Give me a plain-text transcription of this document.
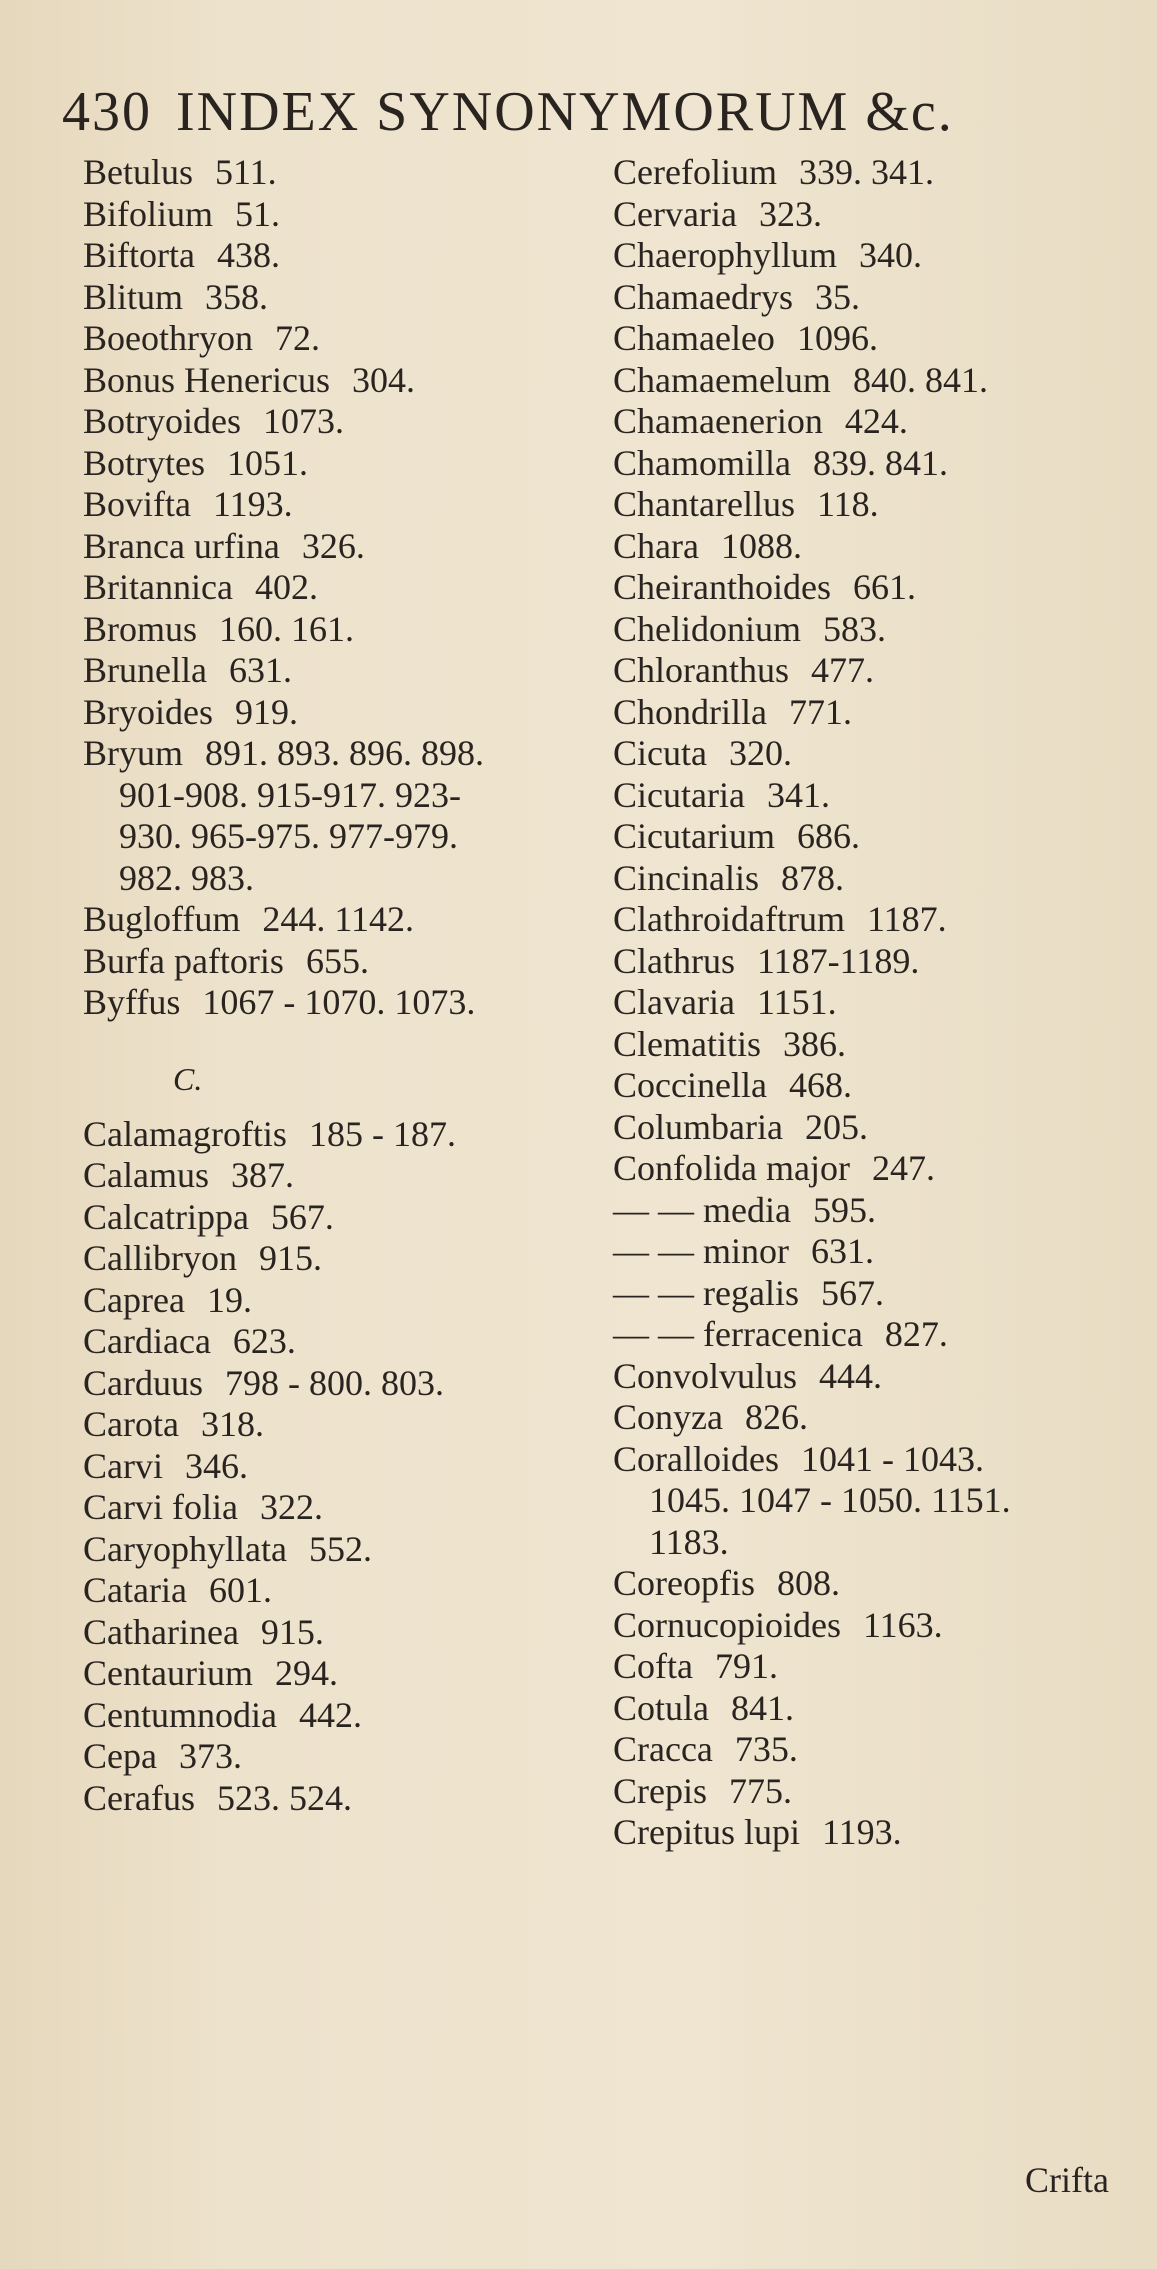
430 INDEX SYNONYMORUM &c.
Betulus 511.
Bifolium 51.
Biftorta 438.
Blitum 358.
Boeothryon 72.
Bonus Henericus 304.
Botryoides 1073.
Botrytes 1051.
Bovifta 1193.
Branca urfina 326.
Britannica 402.
Bromus 160. 161.
Brunella 631.
Bryoides 919.
Bryum 891. 893. 896. 898.
901-908. 915-917. 923-
930. 965-975. 977-979.
982. 983.
Bugloffum 244. 1142.
Burfa paftoris 655.
Byffus 1067 - 1070. 1073.
C.
Calamagroftis 185 - 187.
Calamus 387.
Calcatrippa 567.
Callibryon 915.
Caprea 19.
Cardiaca 623.
Carduus 798 - 800. 803.
Carota 318.
Carvi 346.
Carvi folia 322.
Caryophyllata 552.
Cataria 601.
Catharinea 915.
Centaurium 294.
Centumnodia 442.
Cepa 373.
Cerafus 523. 524.
Cerefolium 339. 341.
Cervaria 323.
Chaerophyllum 340.
Chamaedrys 35.
Chamaeleo 1096.
Chamaemelum 840. 841.
Chamaenerion 424.
Chamomilla 839. 841.
Chantarellus 118.
Chara 1088.
Cheiranthoides 661.
Chelidonium 583.
Chloranthus 477.
Chondrilla 771.
Cicuta 320.
Cicutaria 341.
Cicutarium 686.
Cincinalis 878.
Clathroidaftrum 1187.
Clathrus 1187-1189.
Clavaria 1151.
Clematitis 386.
Coccinella 468.
Columbaria 205.
Confolida major 247.
— — media 595.
— — minor 631.
— — regalis 567.
— — ferracenica 827.
Convolvulus 444.
Conyza 826.
Coralloides 1041 - 1043.
1045. 1047 - 1050. 1151.
1183.
Coreopfis 808.
Cornucopioides 1163.
Cofta 791.
Cotula 841.
Cracca 735.
Crepis 775.
Crepitus lupi 1193.
Crifta
